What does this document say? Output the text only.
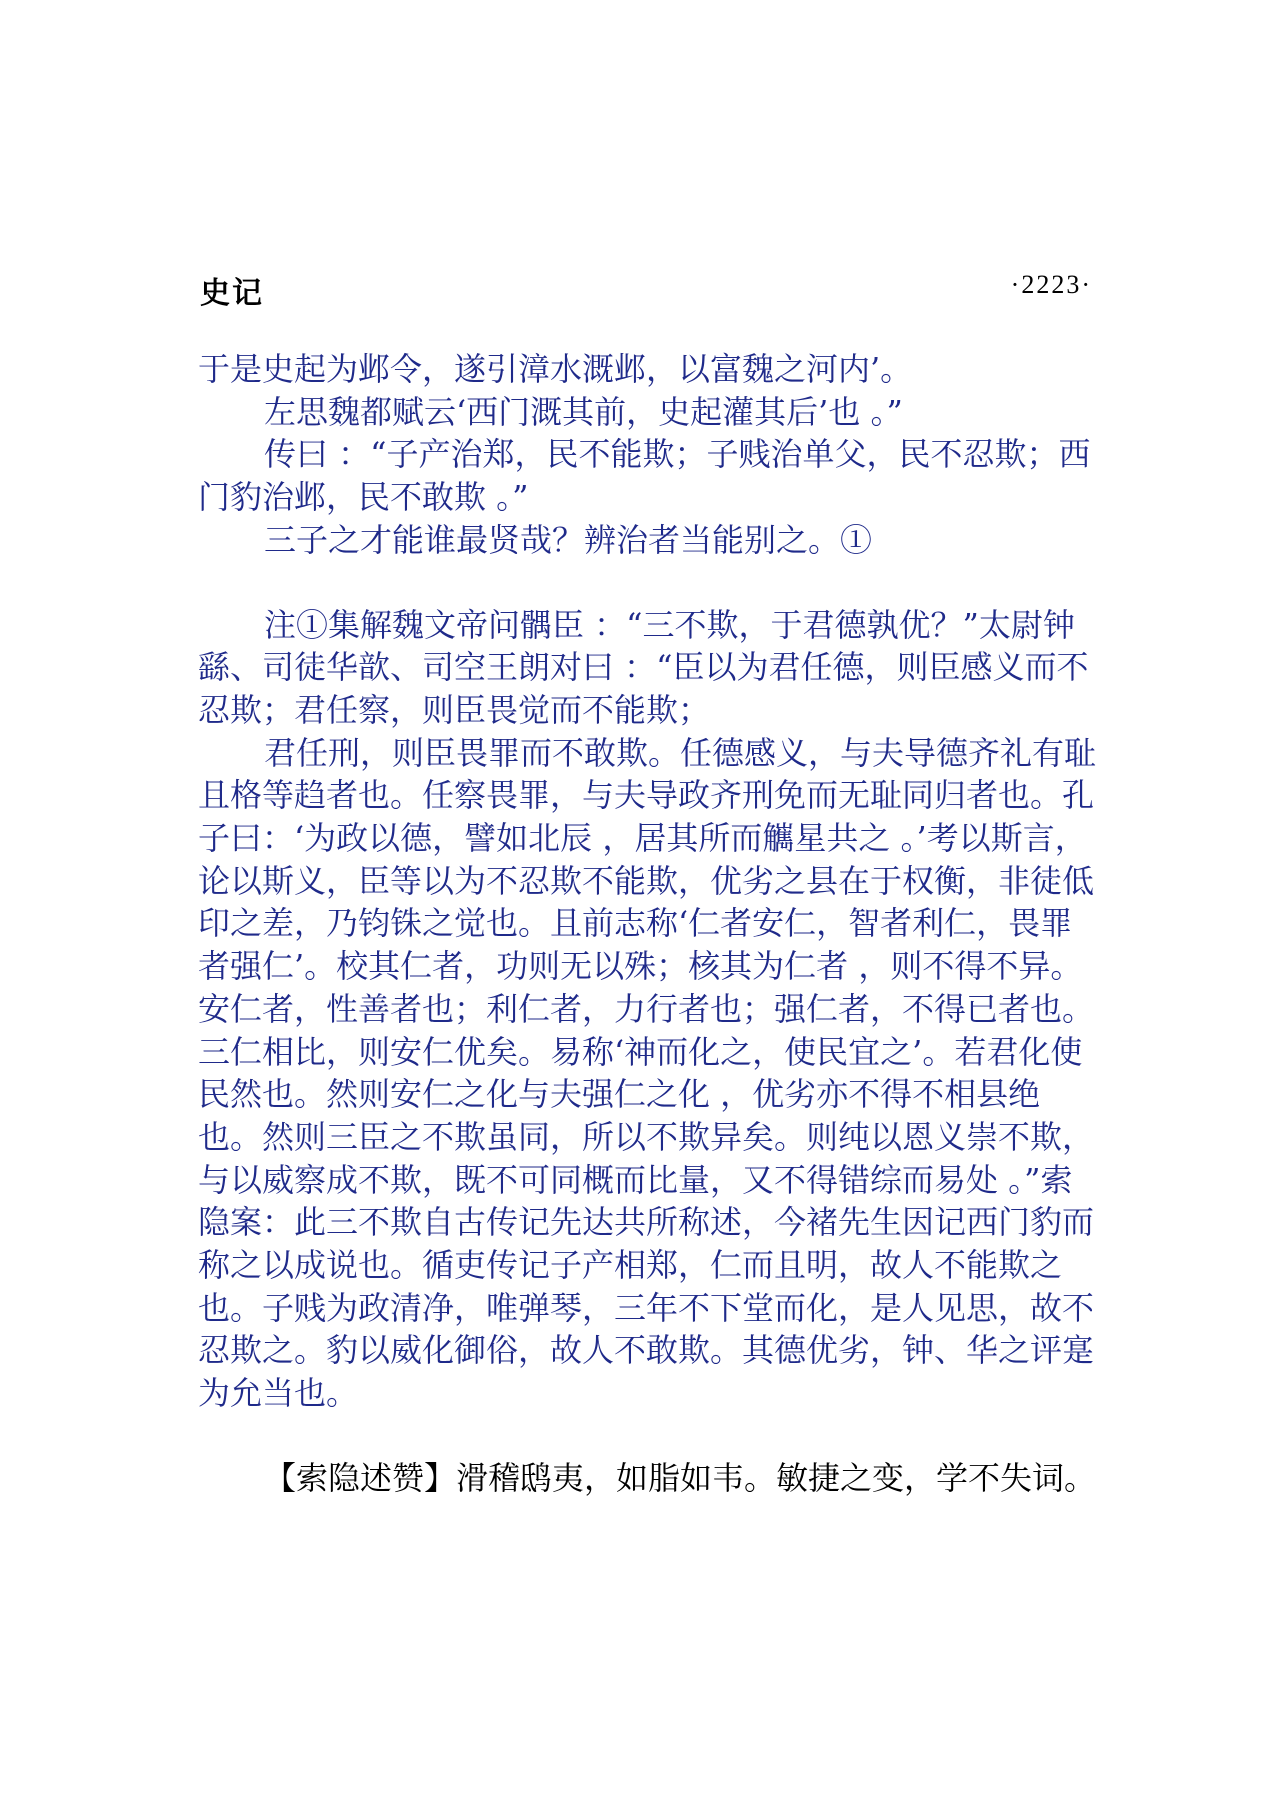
史记	·2223·

于是史起为邺令，遂引漳水溉邺，以富魏之河内’。

左思魏都赋云‘西门溉其前，史起灌其后’也 。”

传曰 ：“子产治郑，民不能欺；子贱治单父，民不忍欺；西门豹治邺，民不敢欺 。”

三子之才能谁最贤哉？辨治者当能别之。①

注①集解魏文帝问髃臣 ：“三不欺，于君德孰优？”太尉钟繇、司徒华歆、司空王朗对曰 ：“臣以为君任德，则臣感义而不忍欺；君任察，则臣畏觉而不能欺；

君任刑，则臣畏罪而不敢欺。任德感义，与夫导德齐礼有耻且格等趋者也。任察畏罪，与夫导政齐刑免而无耻同归者也。孔子曰：‘为政以德，譬如北辰 ，居其所而觽星共之 。’考以斯言，论以斯义，臣等以为不忍欺不能欺，优劣之县在于权衡，非徒低印之差，乃钧铢之觉也。且前志称‘仁者安仁，智者利仁，畏罪者强仁’。校其仁者，功则无以殊；核其为仁者 ，则不得不异。安仁者，性善者也；利仁者，力行者也；强仁者，不得已者也。三仁相比，则安仁优矣。易称‘神而化之，使民宜之’。若君化使民然也。然则安仁之化与夫强仁之化 ，优劣亦不得不相县绝也。然则三臣之不欺虽同，所以不欺异矣。则纯以恩义崇不欺，与以威察成不欺，既不可同概而比量，又不得错综而易处 。”索隐案：此三不欺自古传记先达共所称述，今褚先生因记西门豹而称之以成说也。循吏传记子产相郑，仁而且明，故人不能欺之也。子贱为政清净，唯弹琴，三年不下堂而化，是人见思，故不忍欺之。豹以威化御俗，故人不敢欺。其德优劣，钟、华之评寔为允当也。

【索隐述赞】滑稽鸱夷，如脂如韦。敏捷之变，学不失词。
